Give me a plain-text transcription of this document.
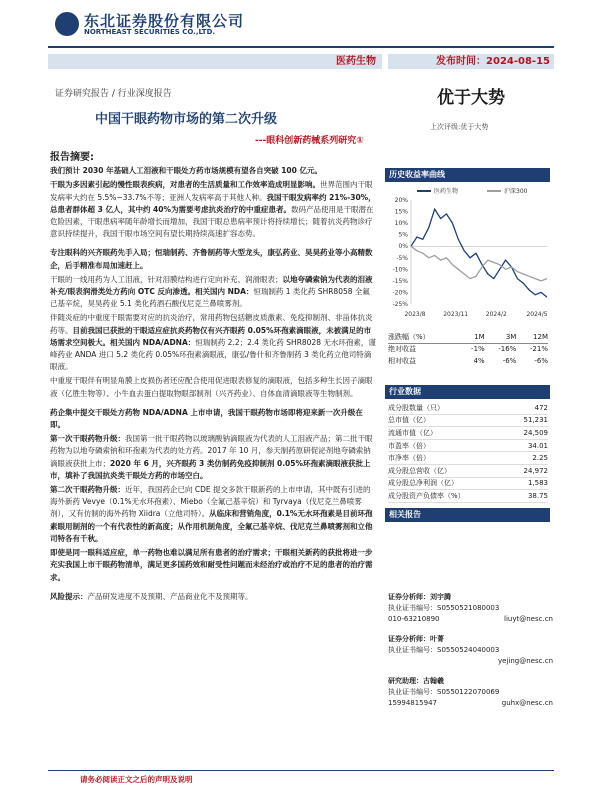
东北证券股份有限公司
NORTHEAST SECURITIES CO.,LTD.
医药生物	发布时间：2024-08-15
证券研究报告 / 行业深度报告
中国干眼药物市场的第二次升级
---眼科创新药械系列研究①
优于大势
上次评级:优于大势

报告摘要:

我们预计 2030 年基础人工泪液和干眼处方药市场规模有望各自突破 100 亿元。

干眼为多因素引起的慢性眼表疾病，对患者的生活质量和工作效率造成明显影响。世界范围内干眼发病率大约在 5.5%~33.7%不等；亚洲人发病率高于其他人种。我国干眼发病率约 21%-30%，总患者群体超 3 亿人，其中约 40%为需要考虑抗炎治疗的中重症患者。数码产品使用是干眼潜在危险因素，干眼患病率随年龄增长而增加，我国干眼总患病率预计将持续增长；随着抗炎药物诊疗意识持续提升，我国干眼市场空间有望长期持续高速扩容态势。

专注眼科的兴齐眼药先手入局；恒瑞制药、齐鲁制药等大型龙头，康弘药业、昊昊药业等小高精数企，后手精准布局加速赶上。

干眼的一线用药为人工泪液，针对泪膜结构进行定向补充、润滑眼表；以地夸磷索钠为代表的泪液补充/眼表润滑类处方药向 OTC 反向渗透。相关国内 NDA：恒瑞制药 1 类化药 SHR8058 全氟己基辛烷，昊昊药业 5.1 类化药酒石酸伐尼克兰鼻喷雾剂。

伴随炎症的中重度干眼需要对应的抗炎治疗，常用药物包括糖皮质激素、免疫抑制剂、非甾体抗炎药等。目前我国已获批的干眼适应症抗炎药物仅有兴齐眼药 0.05%环孢素滴眼液，未被满足的市场需求空间极大。相关国内 NDA/ADNA：恒瑞制药 2.2；2.4 类化药 SHR8028 无水环孢素，谨峰药业 ANDA 进口 5.2 类化药 0.05%环孢素滴眼液，康弘/鲁什和齐鲁制药 3 类化药立他司特滴眼液。

中重度干眼伴有明显角膜上皮损伤者还应配合使用促进眼表修复的滴眼液，包括多种生长因子滴眼液（亿胜生物等）、小牛血去蛋白提取物眼部制剂（兴齐药业）、自体血清滴眼液等生物制剂。

药企集中提交干眼处方药物 NDA/ADNA 上市申请，我国干眼药物市场即将迎来新一次升级在即。

第一次干眼药物升级：我国第一批干眼药物以玻璃酸钠滴眼液为代表的人工泪液产品；第二批干眼药物为以地夸磷索钠和环孢素为代表的处方药。2017 年 10 月，参天制药原研促泌剂地夸磷索钠滴眼液获批上市；2020 年 6 月，兴齐眼药 3 类仿制药免疫抑制剂 0.05%环孢素滴眼液获批上市，填补了我国抗炎类干眼处方药的市场空白。

第二次干眼药物升级：近年，我国药企已向 CDE 提交多款干眼新药的上市申请，其中既有引进的海外新药 Vevye（0.1%无水环孢素）、Miebo（全氟己基辛烷）和 Tyrvaya（伐尼克兰鼻喷雾剂），又有仿制的海外药物 Xiidra（立他司特）。从临床和营销角度，0.1%无水环孢素是目前环孢素眼用制剂的一个有代表性的新高度；从作用机制角度，全氟己基辛烷、伐尼克兰鼻喷雾剂和立他司特各有千秋。

即使是同一眼科适应症，单一药物也难以满足所有患者的治疗需求；干眼相关新药的获批将进一步充实我国上市干眼药物清单，满足更多国药效和耐受性问题而未经治疗或治疗不足的患者的治疗需求。

风险提示：产品研发进度不及预期、产品商业化不及预期等。

历史收益率曲线
20%
15%
10%
5%
0%
-5%
-10%
-15%
-20%
-25%
2023/8	2023/11	2024/2	2024/5
医药生物	沪深300
涨跌幅（%）	1M	3M	12M
绝对收益	-1%	-16%	-21%
相对收益	4%	-6%	-6%
行业数据
成分股数量（只）	472
总市值（亿）	51,231
流通市值（亿）	24,509
市盈率（倍）	34.01
市净率（倍）	2.25
成分股总营收（亿）	24,972
成分股总净利润（亿）	1,583
成分股资产负债率（%）	38.75
相关报告
证券分析师：刘宇腾
执业证书编号：S0550521080003
010-63210890	liuyt@nesc.cn
证券分析师：叶菁
执业证书编号：S0550524040003
yejing@nesc.cn
研究助理：古翰羲
执业证书编号：S0550122070069
15994815947	guhx@nesc.cn
请务必阅读正文之后的声明及说明
